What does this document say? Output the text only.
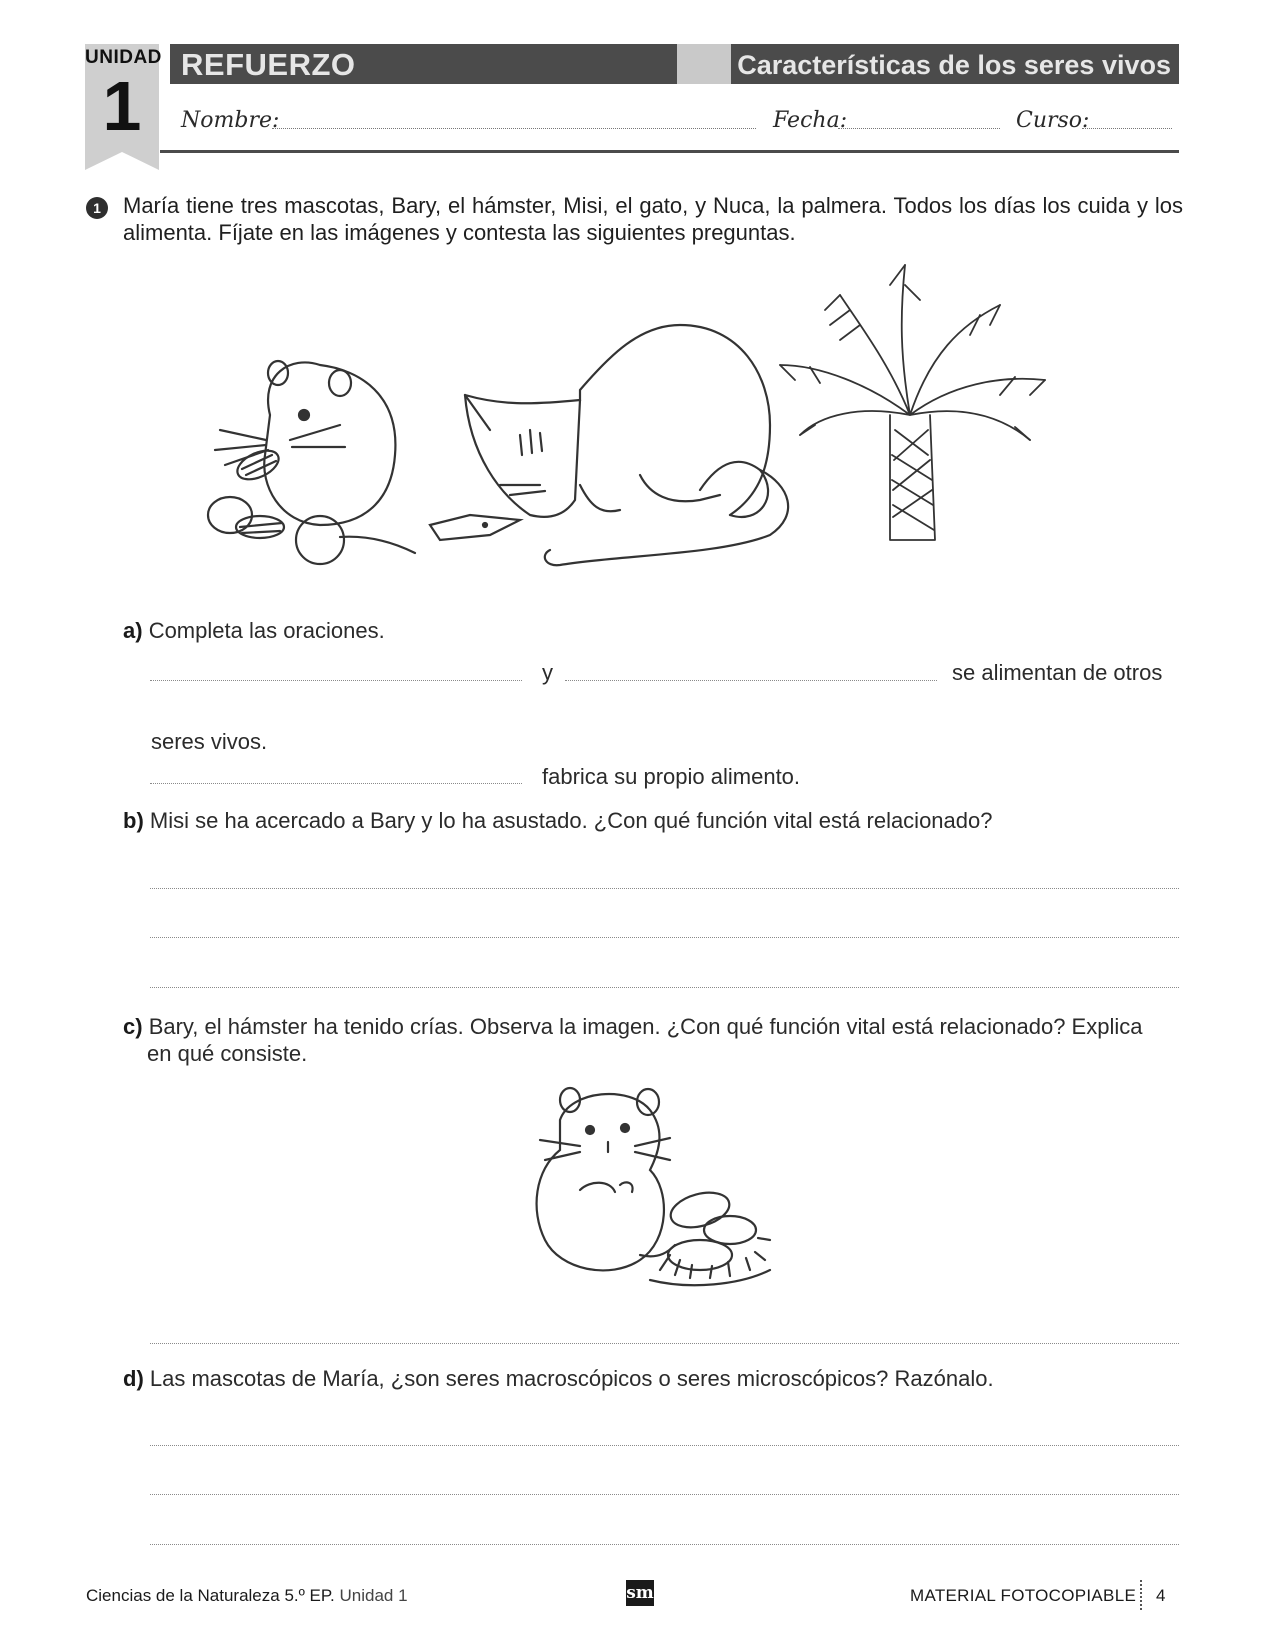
UNIDAD
1
REFUERZO	Características de los seres vivos
Nombre:	Fecha:	Curso:
1	María tiene tres mascotas, Bary, el hámster, Misi, el gato, y Nuca, la palmera. Todos los días los cuida y los alimenta. Fíjate en las imágenes y contesta las siguientes preguntas.
a) Completa las oraciones.
y	se alimentan de otros
seres vivos.
fabrica su propio alimento.
b) Misi se ha acercado a Bary y lo ha asustado. ¿Con qué función vital está relacionado?
c) Bary, el hámster ha tenido crías. Observa la imagen. ¿Con qué función vital está relacionado? Explica
en qué consiste.
d) Las mascotas de María, ¿son seres macroscópicos o seres microscópicos? Razónalo.
Ciencias de la Naturaleza 5.º EP. Unidad 1	sm	MATERIAL FOTOCOPIABLE 4
